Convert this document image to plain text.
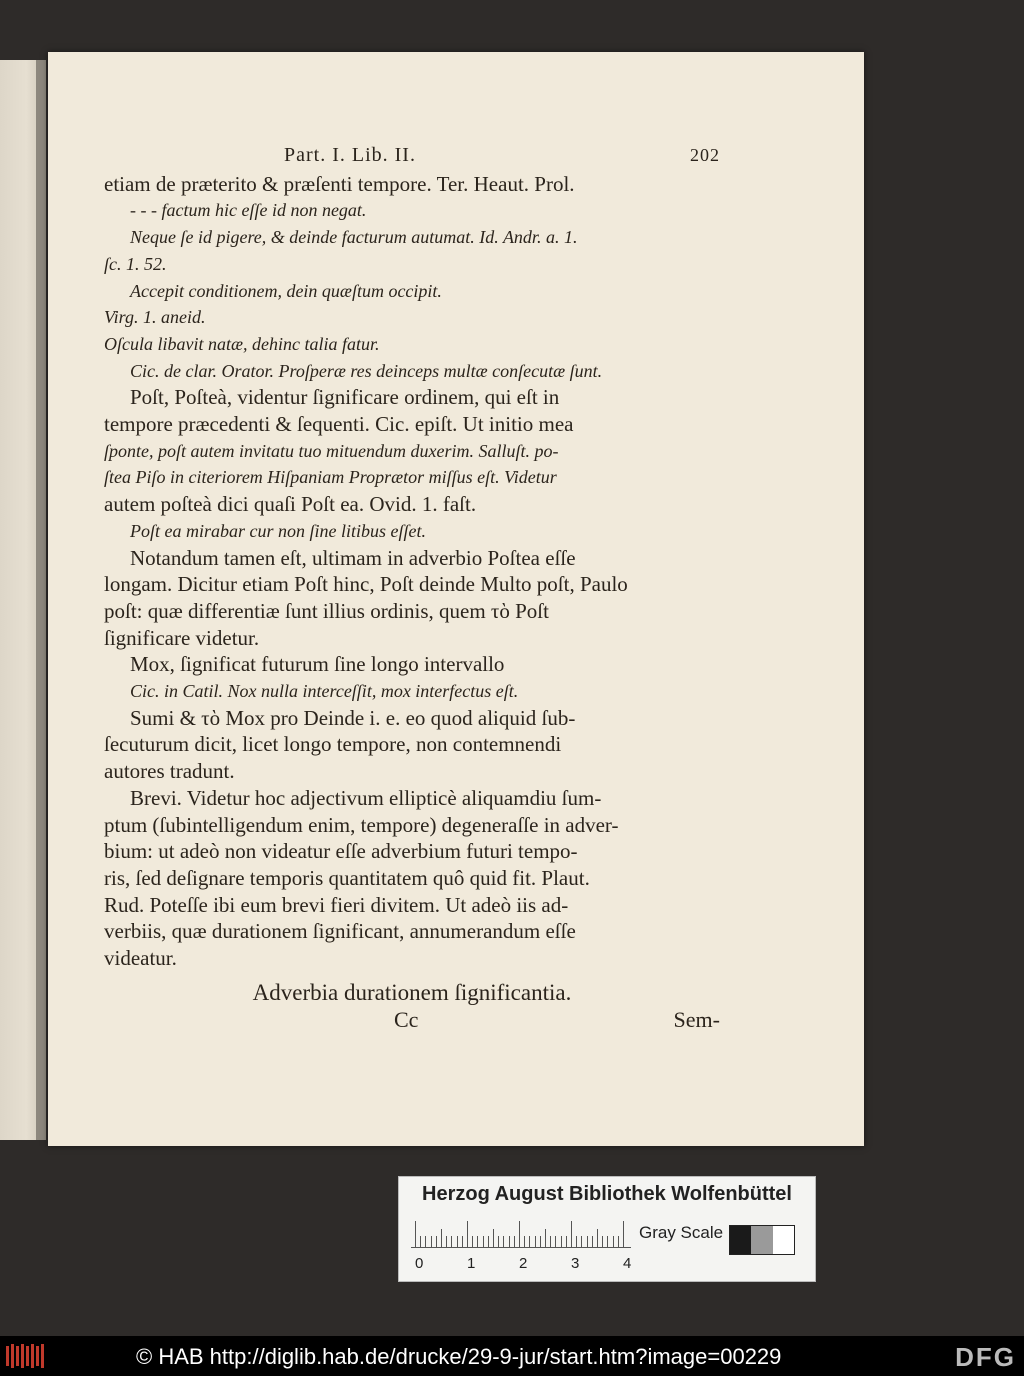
Part. I. Lib. II.	202
etiam de præterito & præſenti tempore. Ter. Heaut. Prol.
- - - factum hic eſſe id non negat.
Neque ſe id pigere, & deinde facturum autumat. Id. Andr. a. 1.
ſc. 1. 52.
Accepit conditionem, dein quæſtum occipit.
Virg. 1. aneid.
Oſcula libavit natæ, dehinc talia fatur.
Cic. de clar. Orator. Proſperæ res deinceps multæ conſecutæ ſunt.
Poſt, Poſteà, videntur ſignificare ordinem, qui eſt in
tempore præcedenti & ſequenti. Cic. epiſt. Ut initio mea
ſponte, poſt autem invitatu tuo mituendum duxerim. Salluſt. po-
ſtea Piſo in citeriorem Hiſpaniam Proprætor miſſus eſt. Videtur
autem poſteà dici quaſi Poſt ea. Ovid. 1. faſt.
Poſt ea mirabar cur non ſine litibus eſſet.
Notandum tamen eſt, ultimam in adverbio Poſtea eſſe
longam. Dicitur etiam Poſt hinc, Poſt deinde Multo poſt, Paulo
poſt: quæ differentiæ ſunt illius ordinis, quem τὸ Poſt
ſignificare videtur.
Mox, ſignificat futurum ſine longo intervallo
Cic. in Catil. Nox nulla interceſſit, mox interfectus eſt.
Sumi & τὸ Mox pro Deinde i. e. eo quod aliquid ſub-
ſecuturum dicit, licet longo tempore, non contemnendi
autores tradunt.
Brevi. Videtur hoc adjectivum ellipticè aliquamdiu ſum-
ptum (ſubintelligendum enim, tempore) degeneraſſe in adver-
bium: ut adeò non videatur eſſe adverbium futuri tempo-
ris, ſed deſignare temporis quantitatem quô quid fit. Plaut.
Rud. Poteſſe ibi eum brevi fieri divitem. Ut adeò iis ad-
verbiis, quæ durationem ſignificant, annumerandum eſſe
videatur.
Adverbia durationem ſignificantia.
Cc	Sem-
Herzog August Bibliothek Wolfenbüttel
0	1	2	3	4
Gray Scale
© HAB http://diglib.hab.de/drucke/29-9-jur/start.htm?image=00229	DFG
